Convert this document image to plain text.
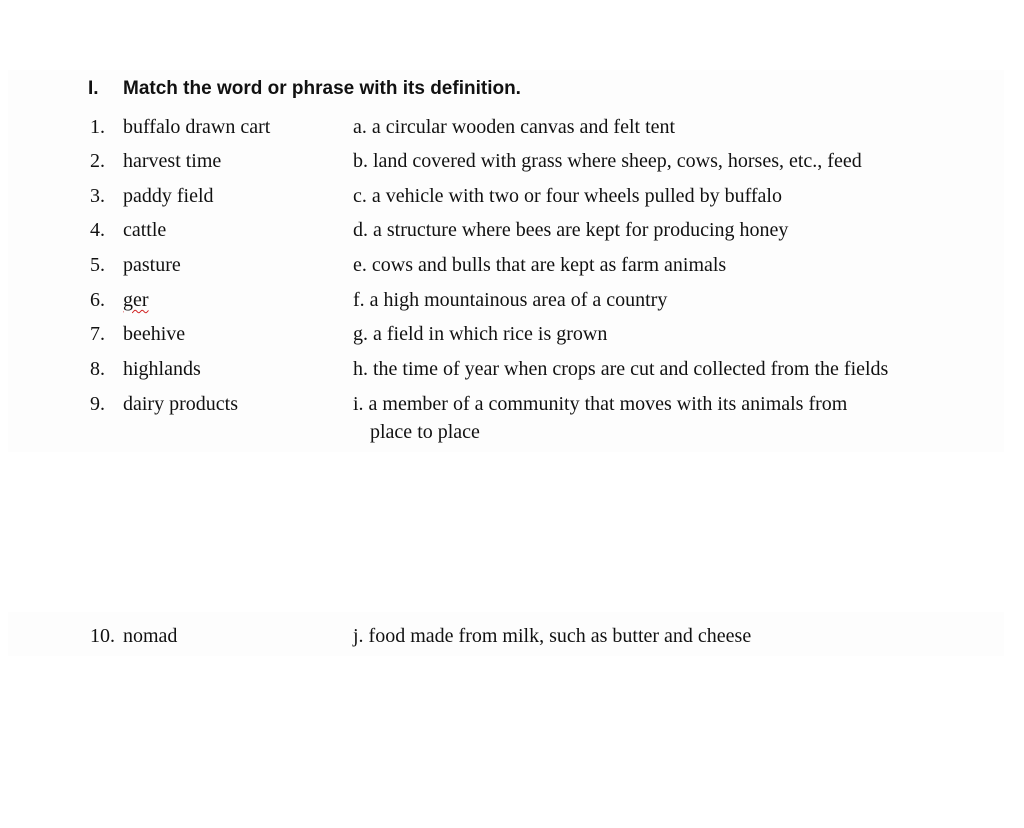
I. Match the word or phrase with its definition.
1. buffalo drawn cart	a. a circular wooden canvas and felt tent
2. harvest time	b. land covered with grass where sheep, cows, horses, etc., feed
3. paddy field	c. a vehicle with two or four wheels pulled by buffalo
4. cattle	d. a structure where bees are kept for producing honey
5. pasture	e. cows and bulls that are kept as farm animals
6. ger	f. a high mountainous area of a country
7. beehive	g. a field in which rice is grown
8. highlands	h. the time of year when crops are cut and collected from the fields
9. dairy products	i. a member of a community that moves with its animals from
place to place
10. nomad	j. food made from milk, such as butter and cheese
